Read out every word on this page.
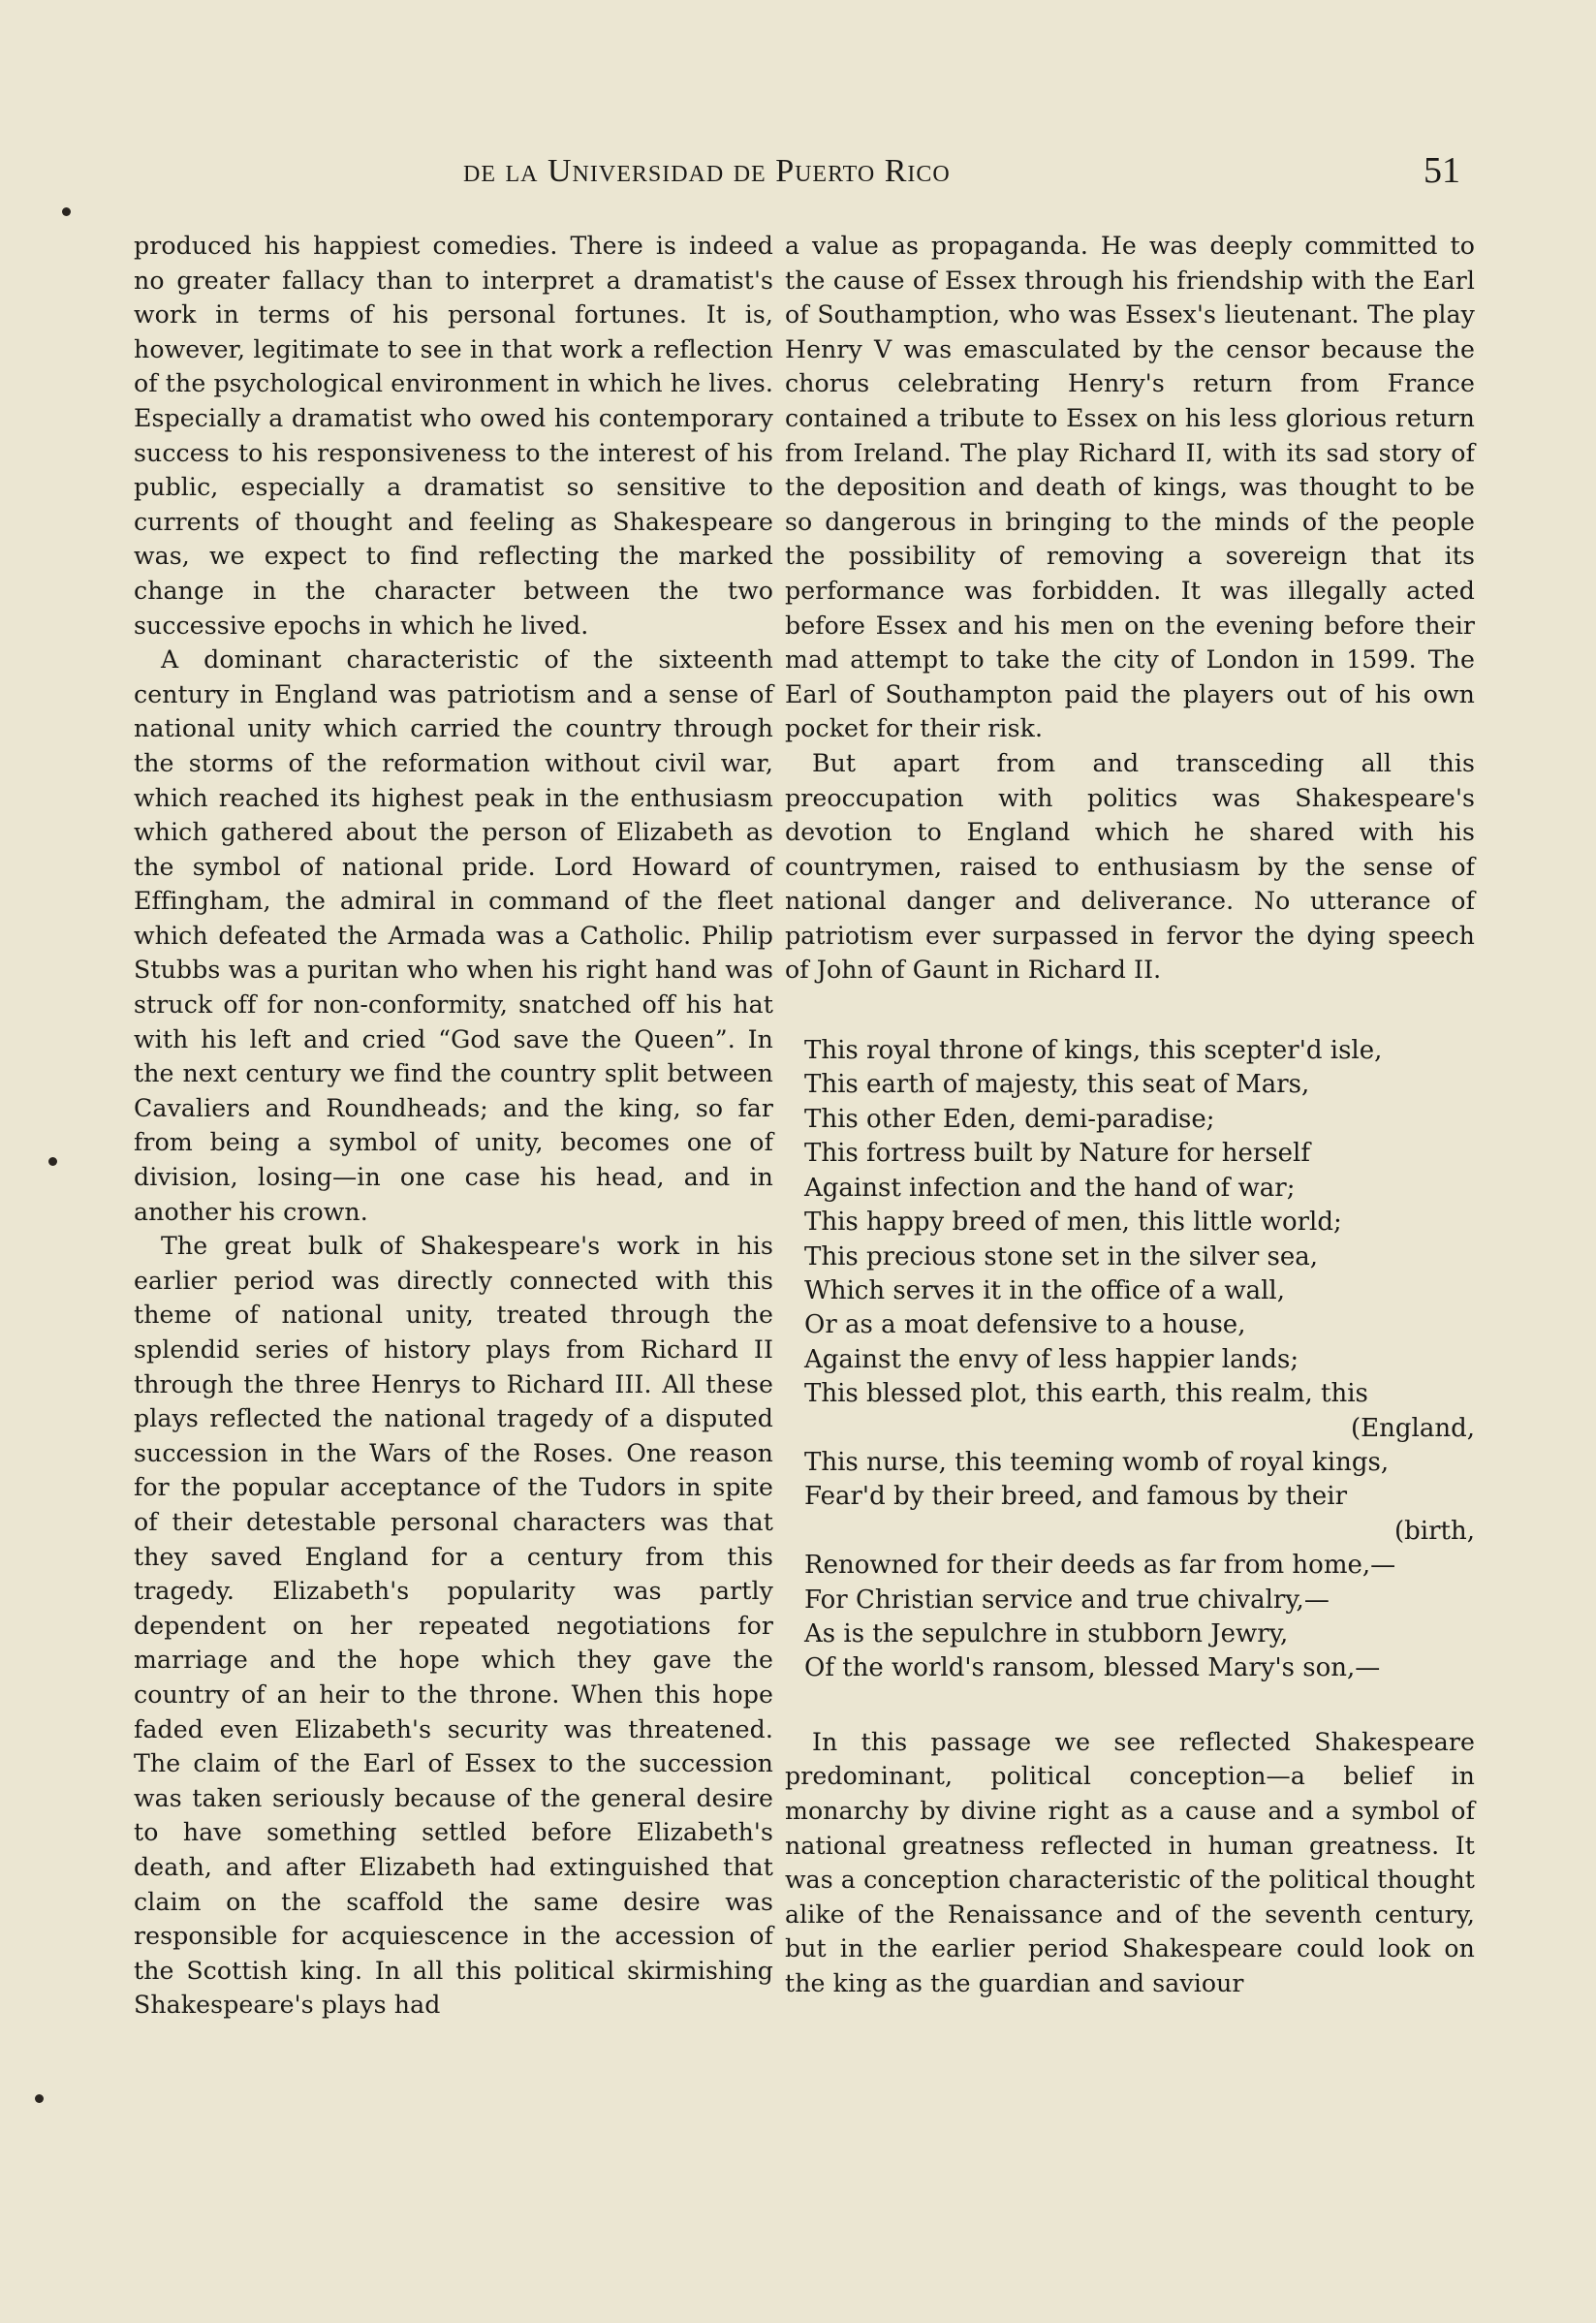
de la Universidad de Puerto Rico	51

produced his happiest comedies. There is indeed no greater fallacy than to interpret a dramatist's work in terms of his personal fortunes. It is, however, legitimate to see in that work a reflection of the psychological environment in which he lives. Especially a dramatist who owed his contemporary success to his responsiveness to the interest of his public, especially a dramatist so sensitive to currents of thought and feeling as Shakespeare was, we expect to find reflecting the marked change in the character between the two successive epochs in which he lived.

A dominant characteristic of the sixteenth century in England was patriotism and a sense of national unity which carried the country through the storms of the reformation without civil war, which reached its highest peak in the enthusiasm which gathered about the person of Elizabeth as the symbol of national pride. Lord Howard of Effingham, the admiral in command of the fleet which defeated the Armada was a Catholic. Philip Stubbs was a puritan who when his right hand was struck off for non-conformity, snatched off his hat with his left and cried “God save the Queen”. In the next century we find the country split between Cavaliers and Roundheads; and the king, so far from being a symbol of unity, becomes one of division, losing—in one case his head, and in another his crown.

The great bulk of Shakespeare's work in his earlier period was directly connected with this theme of national unity, treated through the splendid series of history plays from Richard II through the three Henrys to Richard III. All these plays reflected the national tragedy of a disputed succession in the Wars of the Roses. One reason for the popular acceptance of the Tudors in spite of their detestable personal characters was that they saved England for a century from this tragedy. Elizabeth's popularity was partly dependent on her repeated negotiations for marriage and the hope which they gave the country of an heir to the throne. When this hope faded even Elizabeth's security was threatened. The claim of the Earl of Essex to the succession was taken seriously because of the general desire to have something settled before Elizabeth's death, and after Elizabeth had extinguished that claim on the scaffold the same desire was responsible for acquiescence in the accession of the Scottish king. In all this political skirmishing Shakespeare's plays had

a value as propaganda. He was deeply committed to the cause of Essex through his friendship with the Earl of Southamption, who was Essex's lieutenant. The play Henry V was emasculated by the censor because the chorus celebrating Henry's return from France contained a tribute to Essex on his less glorious return from Ireland. The play Richard II, with its sad story of the deposition and death of kings, was thought to be so dangerous in bringing to the minds of the people the possibility of removing a sovereign that its performance was forbidden. It was illegally acted before Essex and his men on the evening before their mad attempt to take the city of London in 1599. The Earl of Southampton paid the players out of his own pocket for their risk.

But apart from and transceding all this preoccupation with politics was Shakespeare's devotion to England which he shared with his countrymen, raised to enthusiasm by the sense of national danger and deliverance. No utterance of patriotism ever surpassed in fervor the dying speech of John of Gaunt in Richard II.

This royal throne of kings, this scepter'd isle,
This earth of majesty, this seat of Mars,
This other Eden, demi-paradise;
This fortress built by Nature for herself
Against infection and the hand of war;
This happy breed of men, this little world;
This precious stone set in the silver sea,
Which serves it in the office of a wall,
Or as a moat defensive to a house,
Against the envy of less happier lands;
This blessed plot, this earth, this realm, this
(England,
This nurse, this teeming womb of royal kings,
Fear'd by their breed, and famous by their
(birth,
Renowned for their deeds as far from home,—
For Christian service and true chivalry,—
As is the sepulchre in stubborn Jewry,
Of the world's ransom, blessed Mary's son,—

In this passage we see reflected Shakespeare predominant, political conception—a belief in monarchy by divine right as a cause and a symbol of national greatness reflected in human greatness. It was a conception characteristic of the political thought alike of the Renaissance and of the seventh century, but in the earlier period Shakespeare could look on the king as the guardian and saviour
